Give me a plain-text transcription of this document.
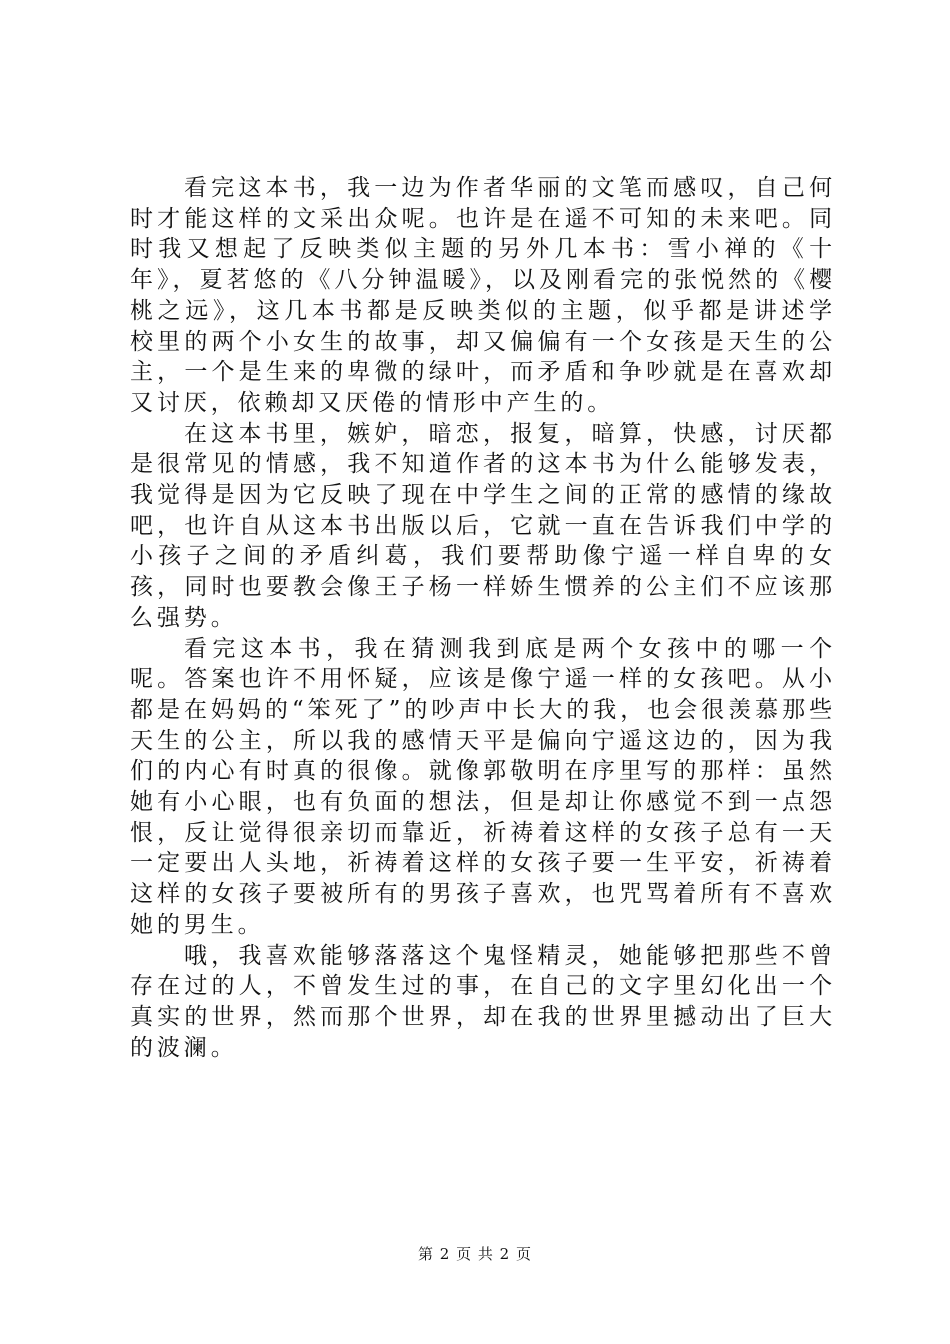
看完这本书，我一边为作者华丽的文笔而感叹，自己何时才能这样的文采出众呢。也许是在遥不可知的未来吧。同时我又想起了反映类似主题的另外几本书：雪小禅的《十年》，夏茗悠的《八分钟温暖》，以及刚看完的张悦然的《樱桃之远》，这几本书都是反映类似的主题，似乎都是讲述学校里的两个小女生的故事，却又偏偏有一个女孩是天生的公主，一个是生来的卑微的绿叶，而矛盾和争吵就是在喜欢却又讨厌，依赖却又厌倦的情形中产生的。

在这本书里，嫉妒，暗恋，报复，暗算，快感，讨厌都是很常见的情感，我不知道作者的这本书为什么能够发表，我觉得是因为它反映了现在中学生之间的正常的感情的缘故吧，也许自从这本书出版以后，它就一直在告诉我们中学的小孩子之间的矛盾纠葛，我们要帮助像宁遥一样自卑的女孩，同时也要教会像王子杨一样娇生惯养的公主们不应该那么强势。

看完这本书，我在猜测我到底是两个女孩中的哪一个呢。答案也许不用怀疑，应该是像宁遥一样的女孩吧。从小都是在妈妈的“笨死了”的吵声中长大的我，也会很羡慕那些天生的公主，所以我的感情天平是偏向宁遥这边的，因为我们的内心有时真的很像。就像郭敬明在序里写的那样：虽然她有小心眼，也有负面的想法，但是却让你感觉不到一点怨恨，反让觉得很亲切而靠近，祈祷着这样的女孩子总有一天一定要出人头地，祈祷着这样的女孩子要一生平安，祈祷着这样的女孩子要被所有的男孩子喜欢，也咒骂着所有不喜欢她的男生。

哦，我喜欢能够落落这个鬼怪精灵，她能够把那些不曾存在过的人，不曾发生过的事，在自己的文字里幻化出一个真实的世界，然而那个世界，却在我的世界里撼动出了巨大的波澜。

第 2 页 共 2 页
